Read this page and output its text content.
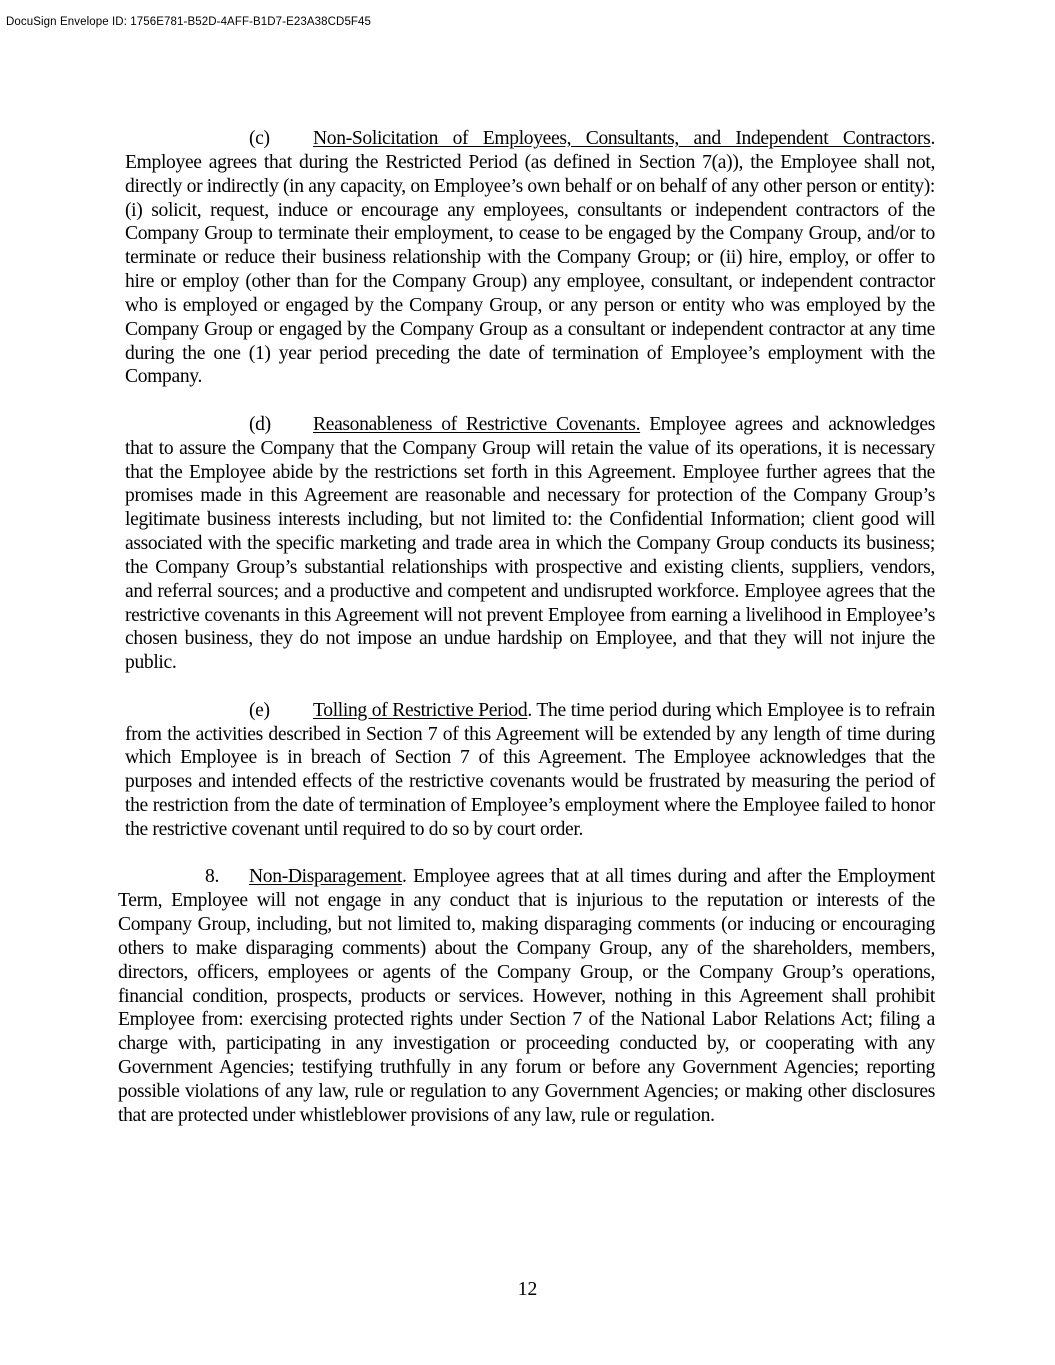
DocuSign Envelope ID: 1756E781-B52D-4AFF-B1D7-E23A38CD5F45

(c) Non-Solicitation of Employees, Consultants, and Independent Contractors. Employee agrees that during the Restricted Period (as defined in Section 7(a)), the Employee shall not, directly or indirectly (in any capacity, on Employee’s own behalf or on behalf of any other person or entity): (i) solicit, request, induce or encourage any employees, consultants or independent contractors of the Company Group to terminate their employment, to cease to be engaged by the Company Group, and/or to terminate or reduce their business relationship with the Company Group; or (ii) hire, employ, or offer to hire or employ (other than for the Company Group) any employee, consultant, or independent contractor who is employed or engaged by the Company Group, or any person or entity who was employed by the Company Group or engaged by the Company Group as a consultant or independent contractor at any time during the one (1) year period preceding the date of termination of Employee’s employment with the Company.

(d) Reasonableness of Restrictive Covenants. Employee agrees and acknowledges that to assure the Company that the Company Group will retain the value of its operations, it is necessary that the Employee abide by the restrictions set forth in this Agreement. Employee further agrees that the promises made in this Agreement are reasonable and necessary for protection of the Company Group’s legitimate business interests including, but not limited to: the Confidential Information; client good will associated with the specific marketing and trade area in which the Company Group conducts its business; the Company Group’s substantial relationships with prospective and existing clients, suppliers, vendors, and referral sources; and a productive and competent and undisrupted workforce. Employee agrees that the restrictive covenants in this Agreement will not prevent Employee from earning a livelihood in Employee’s chosen business, they do not impose an undue hardship on Employee, and that they will not injure the public.

(e) Tolling of Restrictive Period. The time period during which Employee is to refrain from the activities described in Section 7 of this Agreement will be extended by any length of time during which Employee is in breach of Section 7 of this Agreement. The Employee acknowledges that the purposes and intended effects of the restrictive covenants would be frustrated by measuring the period of the restriction from the date of termination of Employee’s employment where the Employee failed to honor the restrictive covenant until required to do so by court order.

8. Non-Disparagement. Employee agrees that at all times during and after the Employment Term, Employee will not engage in any conduct that is injurious to the reputation or interests of the Company Group, including, but not limited to, making disparaging comments (or inducing or encouraging others to make disparaging comments) about the Company Group, any of the shareholders, members, directors, officers, employees or agents of the Company Group, or the Company Group’s operations, financial condition, prospects, products or services. However, nothing in this Agreement shall prohibit Employee from: exercising protected rights under Section 7 of the National Labor Relations Act; filing a charge with, participating in any investigation or proceeding conducted by, or cooperating with any Government Agencies; testifying truthfully in any forum or before any Government Agencies; reporting possible violations of any law, rule or regulation to any Government Agencies; or making other disclosures that are protected under whistleblower provisions of any law, rule or regulation.

12
